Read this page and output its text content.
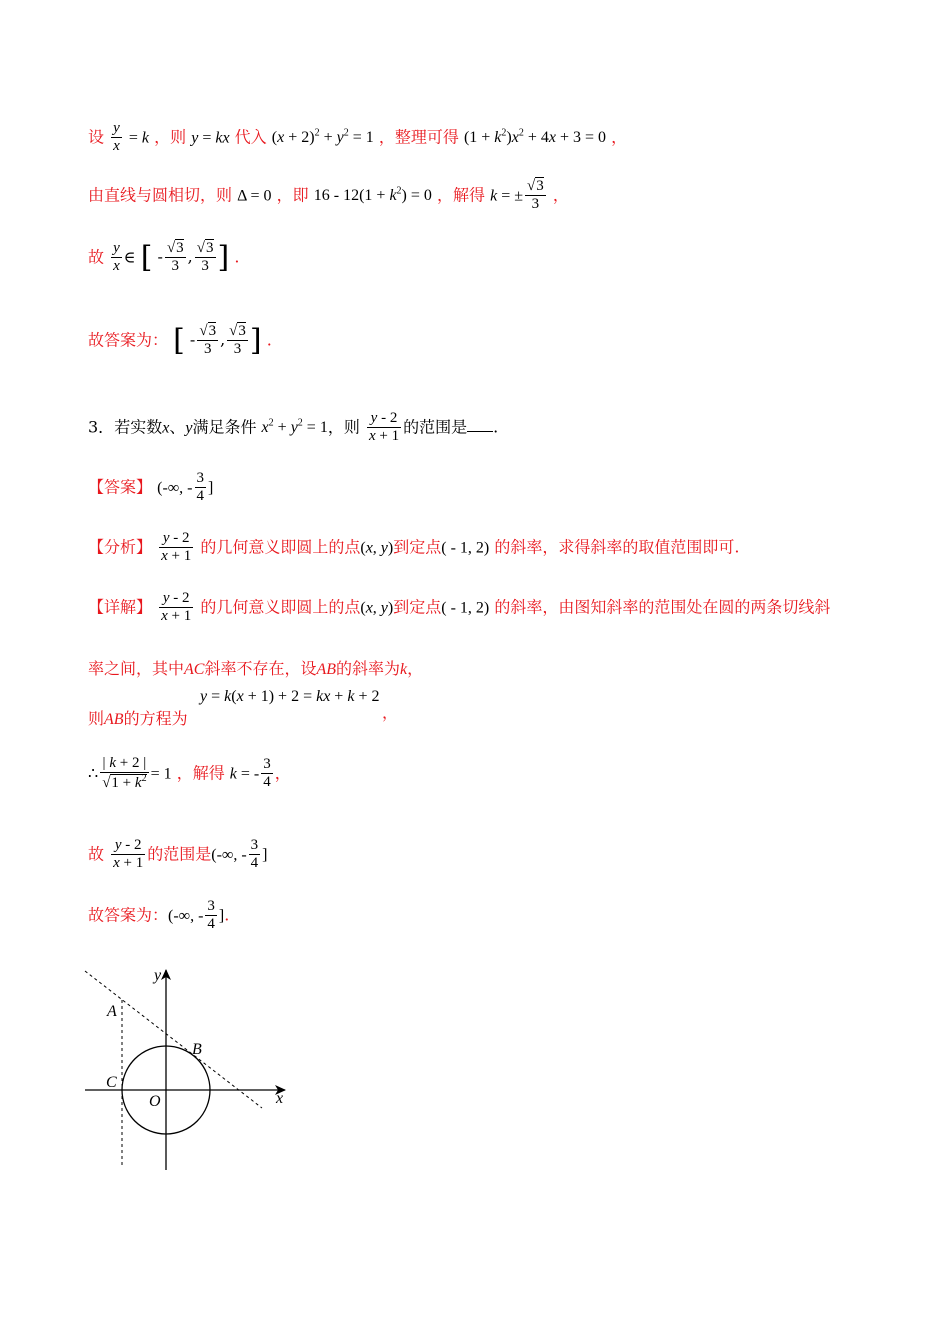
设 $\frac{y}{x} = k$ ，则 y = kx 代入 $(x + 2)^2 + y^2 = 1$ ，整理可得 $(1 + k^2)x^2 + 4x + 3 = 0$ ，
由直线与圆相切，则 Δ = 0 ，即 $16 - 12(1 + k^2) = 0$ ，解得 k = ± $\frac{√3}{3}$ ，
故 $\frac{y}{x}$ ∈ [ - $\frac{√3}{3}$ , $\frac{√3}{3}$ ] .
故答案为： [ - $\frac{√3}{3}$ , $\frac{√3}{3}$ ] .
3．若实数x、y满足条件 $x^2 + y^2 = 1$，则 $\frac{y - 2}{x + 1}$ 的范围是 .
【答案】 (-∞, - $\frac{3}{4}$ ]
【分析】 $\frac{y - 2}{x + 1}$ 的几何意义即圆上的点(x, y)到定点( - 1, 2) 的斜率，求得斜率的取值范围即可.
【详解】 $\frac{y - 2}{x + 1}$ 的几何意义即圆上的点(x, y)到定点( - 1, 2) 的斜率，由图知斜率的范围处在圆的两条切线斜
率之间，其中AC斜率不存在，设AB的斜率为k，
y = k(x + 1) + 2 = kx + k + 2
则AB的方程为	，
∴ $\frac{| k + 2 |}{√1 + k^2} = 1$ ，解得 k = - $\frac{3}{4}$ ，
故 $\frac{y - 2}{x + 1}$ 的范围是(-∞, - $\frac{3}{4}$ ]
故答案为：(-∞, - $\frac{3}{4}$ ].
y
x
A
B
C
O
